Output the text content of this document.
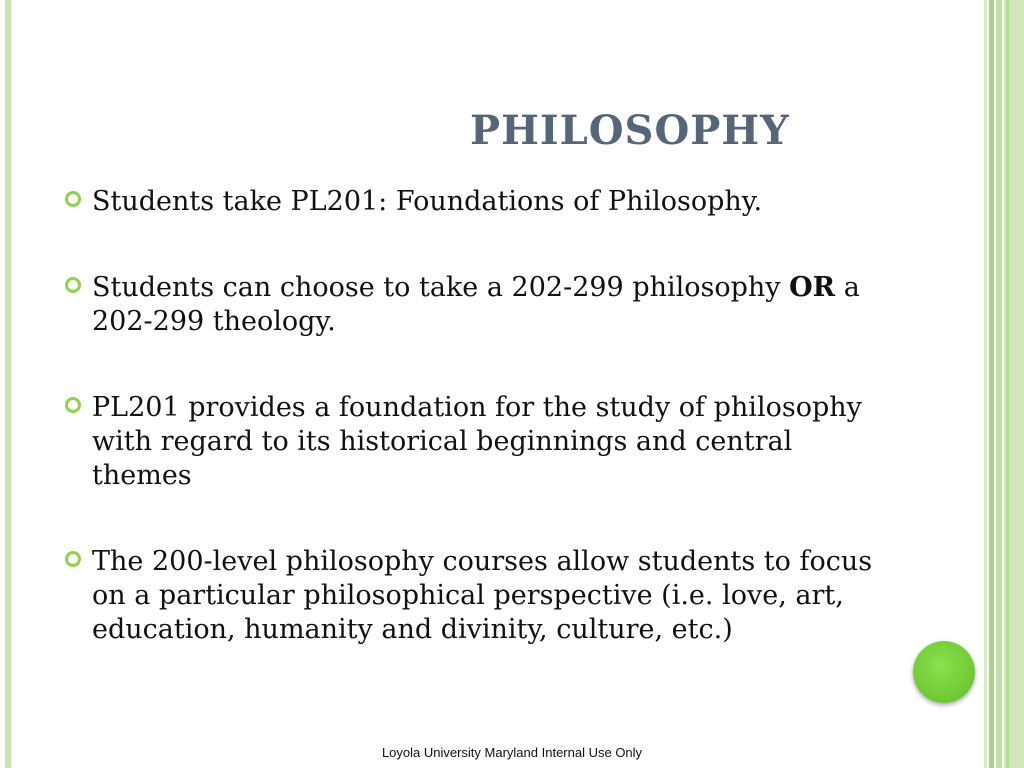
PHILOSOPHY
Students take PL201: Foundations of Philosophy.
Students can choose to take a 202-299 philosophy OR a 202-299 theology.
PL201 provides a foundation for the study of philosophy with regard to its historical beginnings and central themes
The 200-level philosophy courses allow students to focus on a particular philosophical perspective (i.e. love, art, education, humanity and divinity, culture, etc.)
Loyola University Maryland Internal Use Only
